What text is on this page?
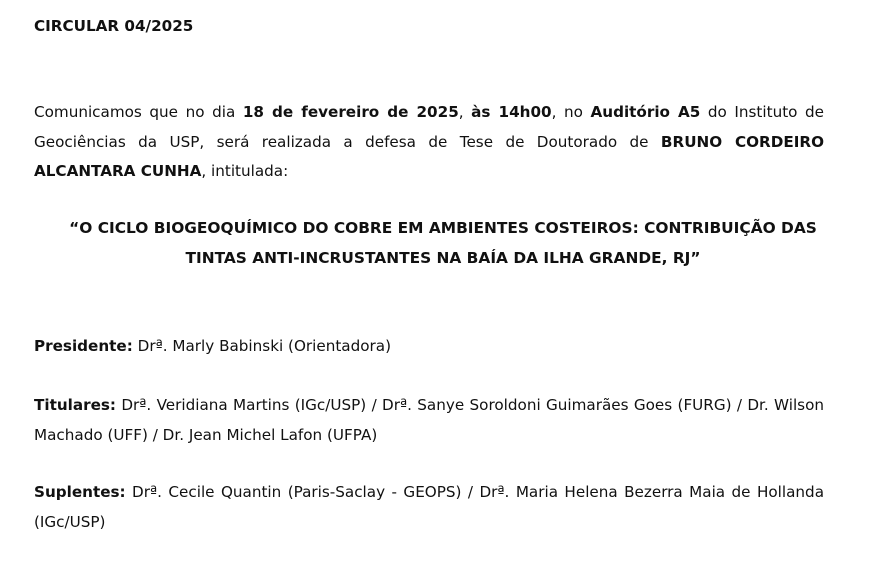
CIRCULAR 04/2025

Comunicamos que no dia 18 de fevereiro de 2025, às 14h00, no Auditório A5 do Instituto de Geociências da USP, será realizada a defesa de Tese de Doutorado de BRUNO CORDEIRO ALCANTARA CUNHA, intitulada:

“O CICLO BIOGEOQUÍMICO DO COBRE EM AMBIENTES COSTEIROS: CONTRIBUIÇÃO DAS
TINTAS ANTI-INCRUSTANTES NA BAÍA DA ILHA GRANDE, RJ”

Presidente: Drª. Marly Babinski (Orientadora)

Titulares: Drª. Veridiana Martins (IGc/USP) / Drª. Sanye Soroldoni Guimarães Goes (FURG) / Dr. Wilson Machado (UFF) / Dr. Jean Michel Lafon (UFPA)

Suplentes: Drª. Cecile Quantin (Paris-Saclay - GEOPS) / Drª. Maria Helena Bezerra Maia de Hollanda (IGc/USP)
